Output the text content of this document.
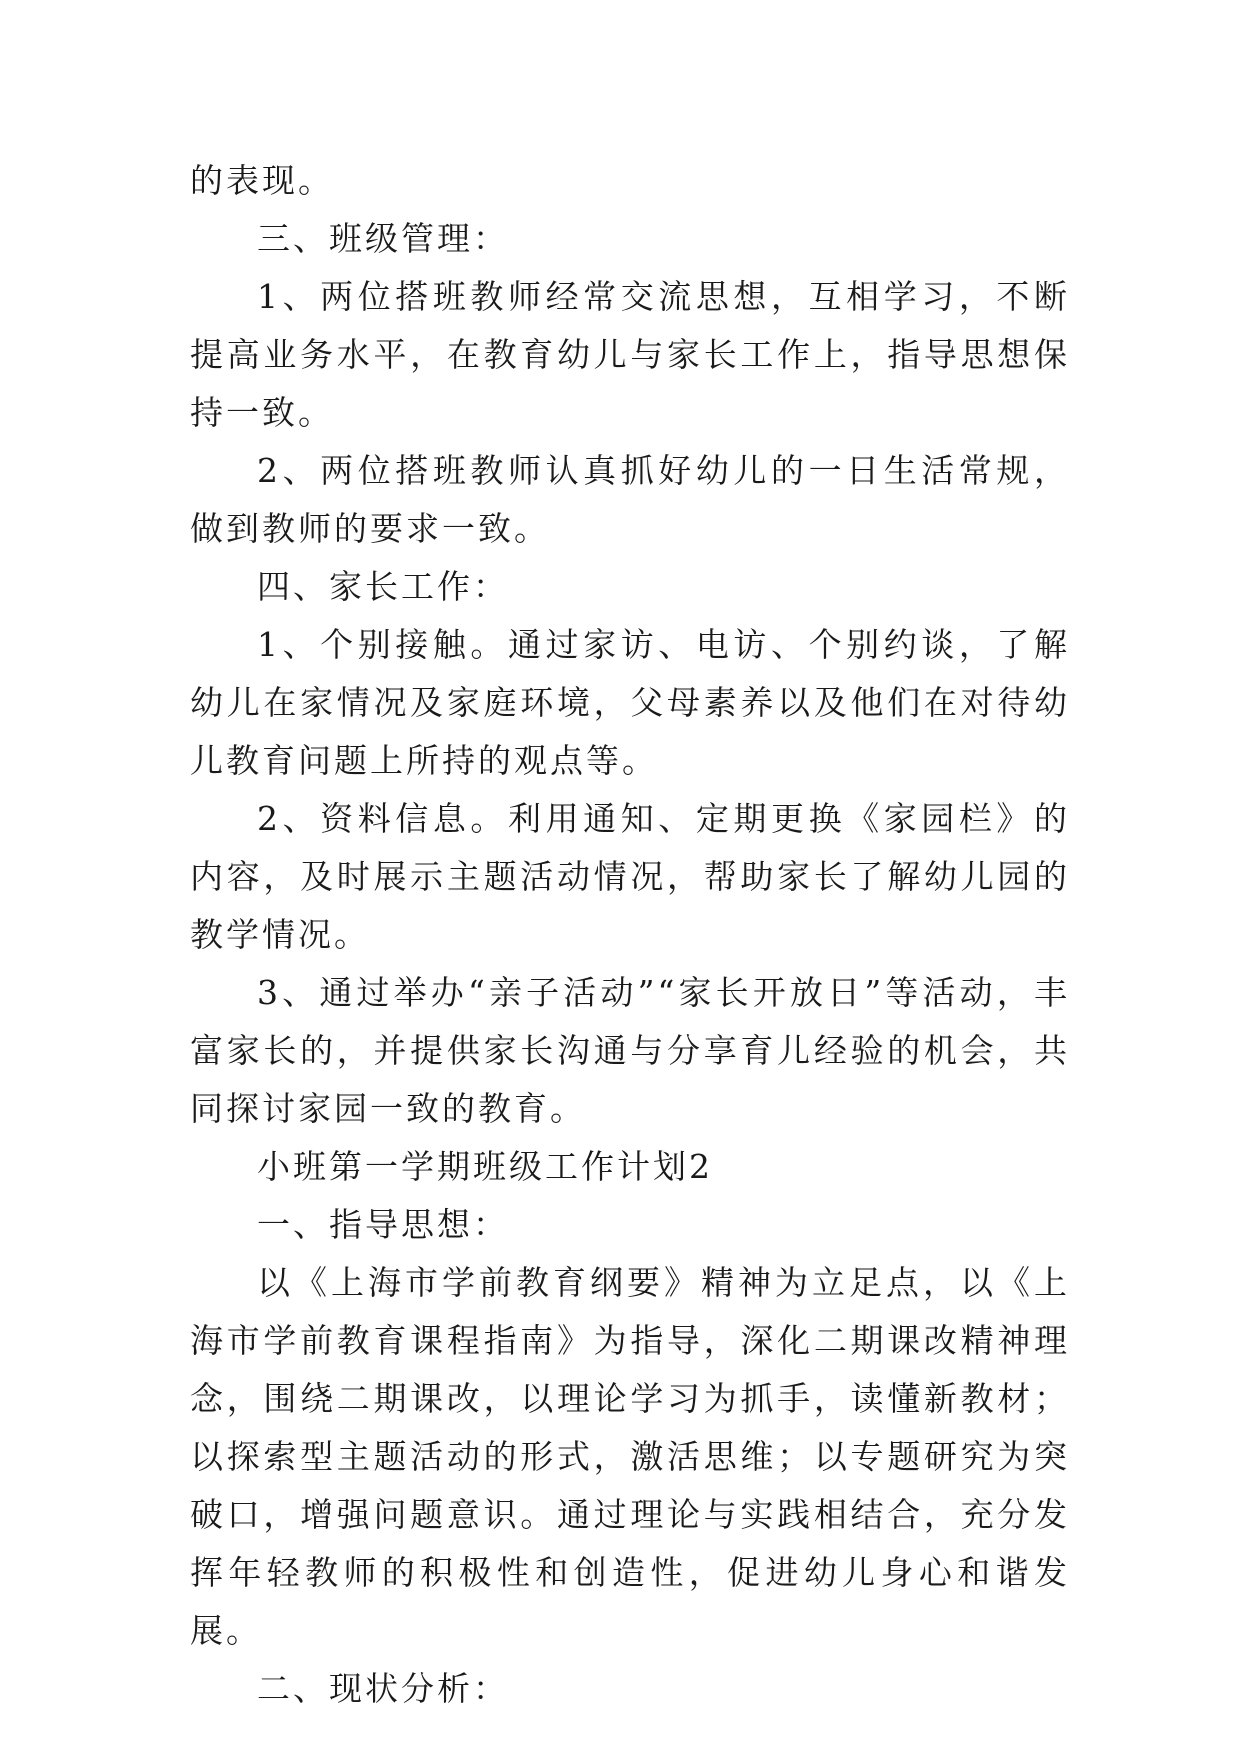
的表现。

三、班级管理：

1、两位搭班教师经常交流思想，互相学习，不断提高业务水平，在教育幼儿与家长工作上，指导思想保持一致。

2、两位搭班教师认真抓好幼儿的一日生活常规，做到教师的要求一致。

四、家长工作：

1、个别接触。通过家访、电访、个别约谈，了解幼儿在家情况及家庭环境，父母素养以及他们在对待幼儿教育问题上所持的观点等。

2、资料信息。利用通知、定期更换《家园栏》的内容，及时展示主题活动情况，帮助家长了解幼儿园的教学情况。

3、通过举办“亲子活动”“家长开放日”等活动，丰富家长的，并提供家长沟通与分享育儿经验的机会，共同探讨家园一致的教育。

小班第一学期班级工作计划2

一、指导思想：

以《上海市学前教育纲要》精神为立足点，以《上海市学前教育课程指南》为指导，深化二期课改精神理念，围绕二期课改，以理论学习为抓手，读懂新教材；以探索型主题活动的形式，激活思维；以专题研究为突破口，增强问题意识。通过理论与实践相结合，充分发挥年轻教师的积极性和创造性，促进幼儿身心和谐发展。

二、现状分析：
